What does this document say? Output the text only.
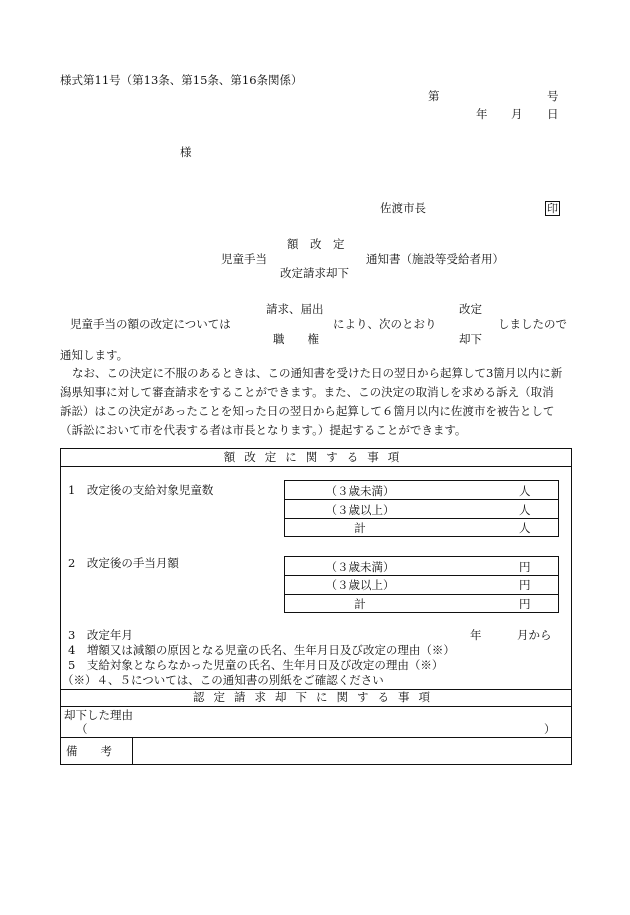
様式第11号（第13条、第15条、第16条関係）
第	号
年 月 日
様
佐渡市長	印
額　改　定
児童手当	通知書（施設等受給者用）
改定請求却下
請求、届出	改定
児童手当の額の改定については	により、次のとおり	しましたので
職　　権	却下
通知します。
なお、この決定に不服のあるときは、この通知書を受けた日の翌日から起算して3箇月以内に新
潟県知事に対して審査請求をすることができます。また、この決定の取消しを求める訴え（取消
訴訟）はこの決定があったことを知った日の翌日から起算して６箇月以内に佐渡市を被告として
（訴訟において市を代表する者は市長となります。）提起することができます。
額改定に関する事項
1　改定後の支給対象児童数	（３歳未満）	人
（３歳以上）	人
計	人
2　改定後の手当月額	（３歳未満）	円
（３歳以上）	円
計	円
3　改定年月	年	月から
4　増額又は減額の原因となる児童の氏名、生年月日及び改定の理由（※）
5　支給対象とならなかった児童の氏名、生年月日及び改定の理由（※）
（※）４、５については、この通知書の別紙をご確認ください
認定請求却下に関する事項
却下した理由
（	）
備　　考
